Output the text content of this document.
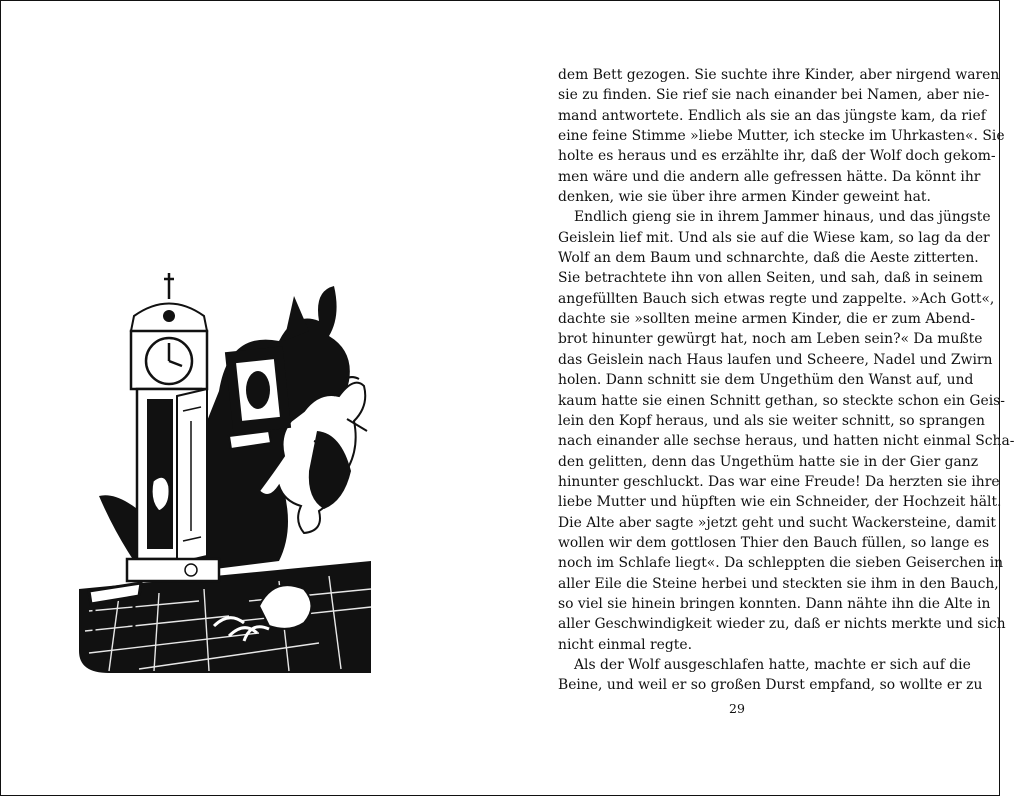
dem Bett gezogen. Sie suchte ihre Kinder, aber nirgend waren
sie zu finden. Sie rief sie nach einander bei Namen, aber nie-
mand antwortete. Endlich als sie an das jüngste kam, da rief
eine feine Stimme »liebe Mutter, ich stecke im Uhrkasten«. Sie
holte es heraus und es erzählte ihr, daß der Wolf doch gekom-
men wäre und die andern alle gefressen hätte. Da könnt ihr
denken, wie sie über ihre armen Kinder geweint hat.
Endlich gieng sie in ihrem Jammer hinaus, und das jüngste
Geislein lief mit. Und als sie auf die Wiese kam, so lag da der
Wolf an dem Baum und schnarchte, daß die Aeste zitterten.
Sie betrachtete ihn von allen Seiten, und sah, daß in seinem
angefüllten Bauch sich etwas regte und zappelte. »Ach Gott«,
dachte sie »sollten meine armen Kinder, die er zum Abend-
brot hinunter gewürgt hat, noch am Leben sein?« Da mußte
das Geislein nach Haus laufen und Scheere, Nadel und Zwirn
holen. Dann schnitt sie dem Ungethüm den Wanst auf, und
kaum hatte sie einen Schnitt gethan, so steckte schon ein Geis-
lein den Kopf heraus, und als sie weiter schnitt, so sprangen
nach einander alle sechse heraus, und hatten nicht einmal Scha-
den gelitten, denn das Ungethüm hatte sie in der Gier ganz
hinunter geschluckt. Das war eine Freude! Da herzten sie ihre
liebe Mutter und hüpften wie ein Schneider, der Hochzeit hält.
Die Alte aber sagte »jetzt geht und sucht Wackersteine, damit
wollen wir dem gottlosen Thier den Bauch füllen, so lange es
noch im Schlafe liegt«. Da schleppten die sieben Geiserchen in
aller Eile die Steine herbei und steckten sie ihm in den Bauch,
so viel sie hinein bringen konnten. Dann nähte ihn die Alte in
aller Geschwindigkeit wieder zu, daß er nichts merkte und sich
nicht einmal regte.
Als der Wolf ausgeschlafen hatte, machte er sich auf die
Beine, und weil er so großen Durst empfand, so wollte er zu
29
